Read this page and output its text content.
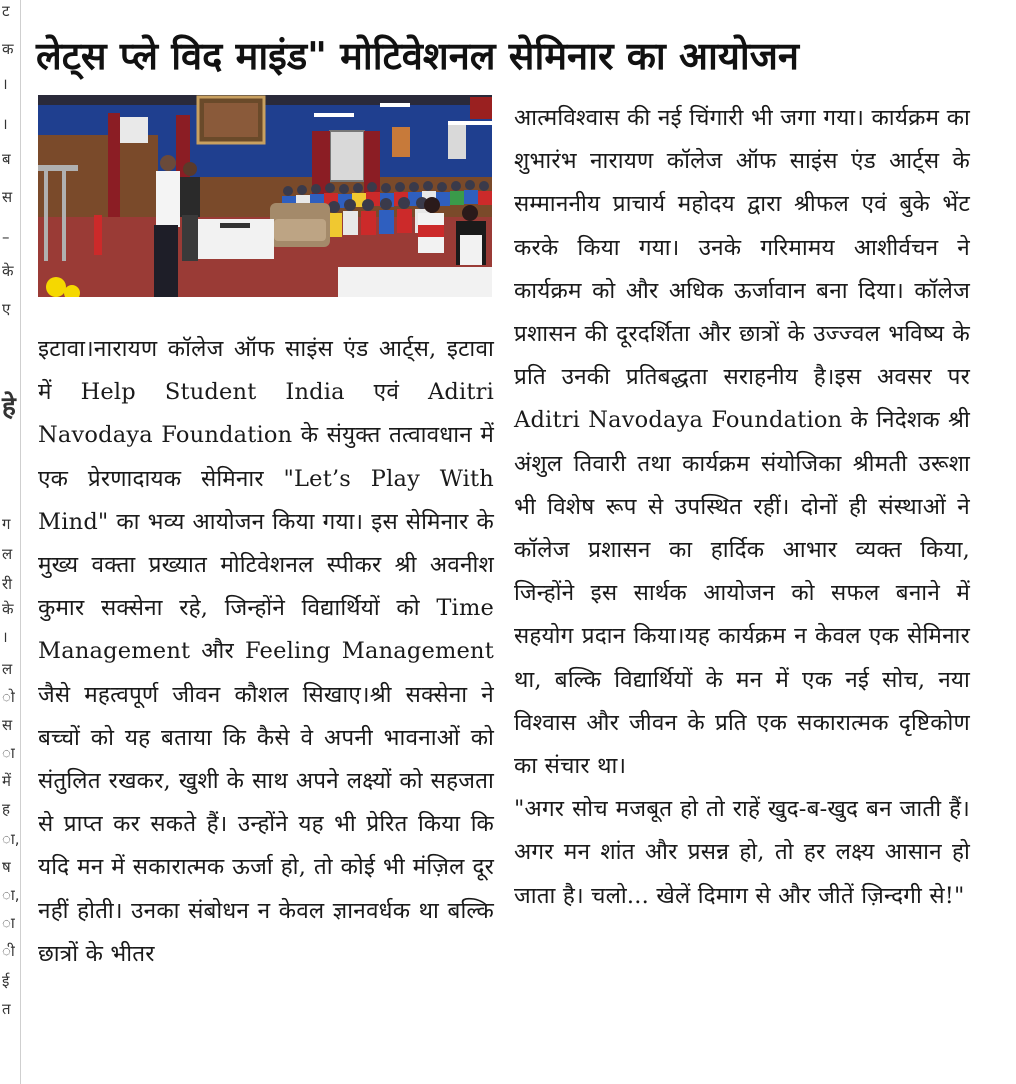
ट
क
।
।
ब
स
–
के
ए
हे
ग
ल
री
के
।
ल
ो
स
ा
में
ह
ा,
ष
ा,
ा
ी
ई
त
लेट्स प्ले विद माइंड" मोटिवेशनल सेमिनार का आयोजन

इटावा।नारायण कॉलेज ऑफ साइंस एंड आर्ट्स, इटावा में Help Student India एवं Aditri Navodaya Foundation के संयुक्त तत्वावधान में एक प्रेरणादायक सेमिनार "Let’s Play With Mind" का भव्य आयोजन किया गया। इस सेमिनार के मुख्य वक्ता प्रख्यात मोटिवेशनल स्पीकर श्री अवनीश कुमार सक्सेना रहे, जिन्होंने विद्यार्थियों को Time Management और Feeling Management जैसे महत्वपूर्ण जीवन कौशल सिखाए।श्री सक्सेना ने बच्चों को यह बताया कि कैसे वे अपनी भावनाओं को संतुलित रखकर, खुशी के साथ अपने लक्ष्यों को सहजता से प्राप्त कर सकते हैं। उन्होंने यह भी प्रेरित किया कि यदि मन में सकारात्मक ऊर्जा हो, तो कोई भी मंज़िल दूर नहीं होती। उनका संबोधन न केवल ज्ञानवर्धक था बल्कि छात्रों के भीतर

आत्मविश्वास की नई चिंगारी भी जगा गया। कार्यक्रम का शुभारंभ नारायण कॉलेज ऑफ साइंस एंड आर्ट्स के सम्माननीय प्राचार्य महोदय द्वारा श्रीफल एवं बुके भेंट करके किया गया। उनके गरिमामय आशीर्वचन ने कार्यक्रम को और अधिक ऊर्जावान बना दिया। कॉलेज प्रशासन की दूरदर्शिता और छात्रों के उज्ज्वल भविष्य के प्रति उनकी प्रतिबद्धता सराहनीय है।इस अवसर पर Aditri Navodaya Foundation के निदेशक श्री अंशुल तिवारी तथा कार्यक्रम संयोजिका श्रीमती उरूशा भी विशेष रूप से उपस्थित रहीं। दोनों ही संस्थाओं ने कॉलेज प्रशासन का हार्दिक आभार व्यक्त किया, जिन्होंने इस सार्थक आयोजन को सफल बनाने में सहयोग प्रदान किया।यह कार्यक्रम न केवल एक सेमिनार था, बल्कि विद्यार्थियों के मन में एक नई सोच, नया विश्वास और जीवन के प्रति एक सकारात्मक दृष्टिकोण का संचार था।

"अगर सोच मजबूत हो तो राहें खुद-ब-खुद बन जाती हैं। अगर मन शांत और प्रसन्न हो, तो हर लक्ष्य आसान हो जाता है। चलो... खेलें दिमाग से और जीतें ज़िन्दगी से!"
